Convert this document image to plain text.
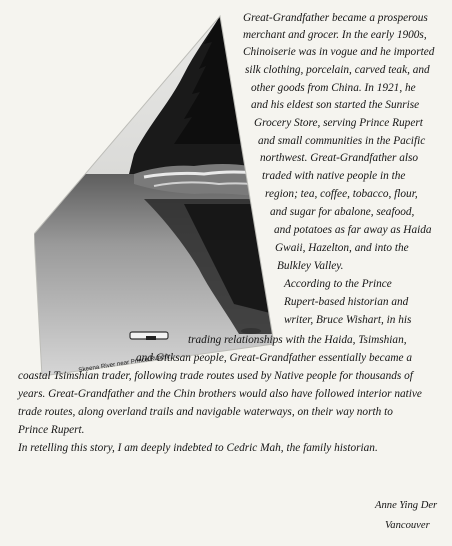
Skeena River near Prince Rupert
Great-Grandfather became a prosperous
merchant and grocer. In the early 1900s,
Chinoiserie was in vogue and he imported
silk clothing, porcelain, carved teak, and
other goods from China. In 1921, he
and his eldest son started the Sunrise
Grocery Store, serving Prince Rupert
and small communities in the Pacific
northwest. Great-Grandfather also
traded with native people in the
region; tea, coffee, tobacco, flour,
and sugar for abalone, seafood,
and potatoes as far away as Haida
Gwaii, Hazelton, and into the
Bulkley Valley.
According to the Prince
Rupert-based historian and
writer, Bruce Wishart, in his
trading relationships with the Haida, Tsimshian,
and Gitksan people, Great-Grandfather essentially became a
coastal Tsimshian trader, following trade routes used by Native people for thousands of
years. Great-Grandfather and the Chin brothers would also have followed interior native
trade routes, along overland trails and navigable waterways, on their way north to
Prince Rupert.
In retelling this story, I am deeply indebted to Cedric Mah, the family historian.
Anne Ying Der
Vancouver
